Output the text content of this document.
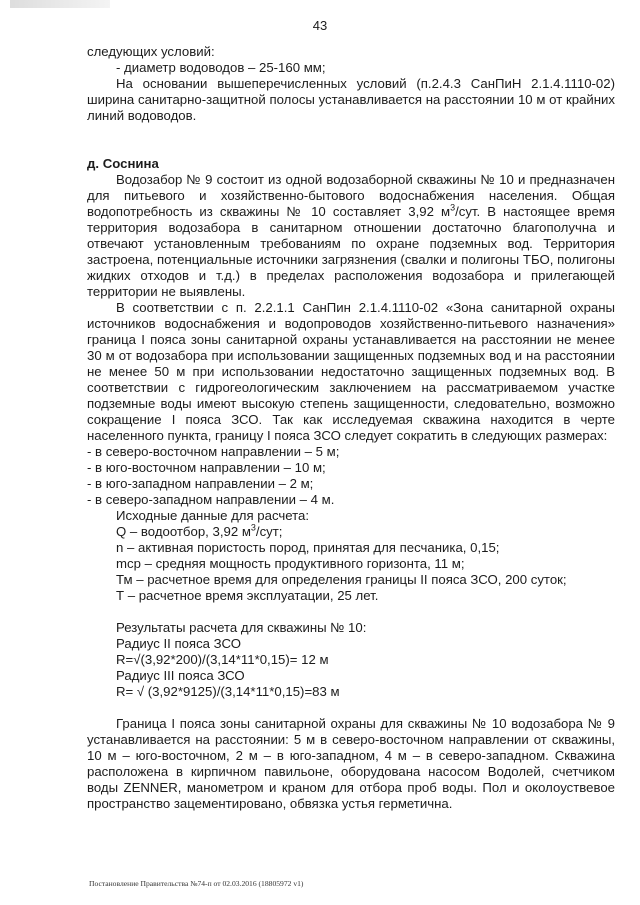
43

следующих условий:

- диаметр водоводов – 25-160 мм;

На основании вышеперечисленных условий (п.2.4.3 СанПиН 2.1.4.1110-02) ширина санитарно-защитной полосы устанавливается на расстоянии 10 м от крайних линий водоводов.

д. Соснина

Водозабор № 9 состоит из одной водозаборной скважины № 10 и предназначен для питьевого и хозяйственно-бытового водоснабжения населения. Общая водопотребность из скважины № 10 составляет 3,92 $м^3$/сут. В настоящее время территория водозабора в санитарном отношении достаточно благополучна и отвечают установленным требованиям по охране подземных вод. Территория застроена, потенциальные источники загрязнения (свалки и полигоны ТБО, полигоны жидких отходов и т.д.) в пределах расположения водозабора и прилегающей территории не выявлены.

В соответствии с п. 2.2.1.1 СанПин 2.1.4.1110-02 «Зона санитарной охраны источников водоснабжения и водопроводов хозяйственно-питьевого назначения» граница I пояса зоны санитарной охраны устанавливается на расстоянии не менее 30 м от водозабора при использовании защищенных подземных вод и на расстоянии не менее 50 м при использовании недостаточно защищенных подземных вод. В соответствии с гидрогеологическим заключением на рассматриваемом участке подземные воды имеют высокую степень защищенности, следовательно, возможно сокращение I пояса ЗСО. Так как исследуемая скважина находится в черте населенного пункта, границу I пояса ЗСО следует сократить в следующих размерах:

- в северо-восточном направлении – 5 м;

- в юго-восточном направлении – 10 м;

- в юго-западном направлении – 2 м;

- в северо-западном направлении – 4 м.

Исходные данные для расчета:

Q – водоотбор, 3,92 $м^3$/сут;

n – активная пористость пород, принятая для песчаника, 0,15;

mср – средняя мощность продуктивного горизонта, 11 м;

Тм – расчетное время для определения границы II пояса ЗСО, 200 суток;

Т – расчетное время эксплуатации, 25 лет.

Результаты расчета для скважины № 10:

Радиус II пояса ЗСО

R=√(3,92*200)/(3,14*11*0,15)= 12 м

Радиус III пояса ЗСО

R= √ (3,92*9125)/(3,14*11*0,15)=83 м

Граница I пояса зоны санитарной охраны для скважины № 10 водозабора № 9 устанавливается на расстоянии: 5 м в северо-восточном направлении от скважины, 10 м – юго-восточном, 2 м – в юго-западном, 4 м – в северо-западном. Скважина расположена в кирпичном павильоне, оборудована насосом Водолей, счетчиком воды ZENNER, манометром и краном для отбора проб воды. Пол и околоуствевое пространство зацементировано, обвязка устья герметична.

Постановление Правительства №74-п от 02.03.2016 (18805972 v1)
